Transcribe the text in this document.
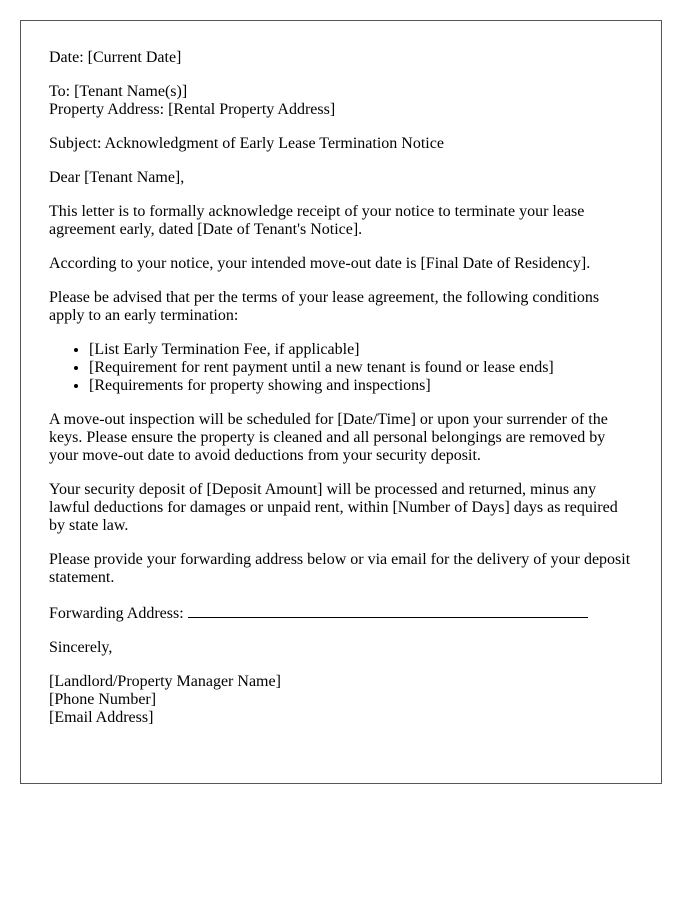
Date: [Current Date]

To: [Tenant Name(s)]
Property Address: [Rental Property Address]

Subject: Acknowledgment of Early Lease Termination Notice

Dear [Tenant Name],

This letter is to formally acknowledge receipt of your notice to terminate your lease agreement early, dated [Date of Tenant's Notice].

According to your notice, your intended move-out date is [Final Date of Residency].

Please be advised that per the terms of your lease agreement, the following conditions apply to an early termination:

• [List Early Termination Fee, if applicable]
• [Requirement for rent payment until a new tenant is found or lease ends]
• [Requirements for property showing and inspections]

A move-out inspection will be scheduled for [Date/Time] or upon your surrender of the keys. Please ensure the property is cleaned and all personal belongings are removed by your move-out date to avoid deductions from your security deposit.

Your security deposit of [Deposit Amount] will be processed and returned, minus any lawful deductions for damages or unpaid rent, within [Number of Days] days as required by state law.

Please provide your forwarding address below or via email for the delivery of your deposit statement.

Forwarding Address:

Sincerely,

[Landlord/Property Manager Name]
[Phone Number]
[Email Address]
